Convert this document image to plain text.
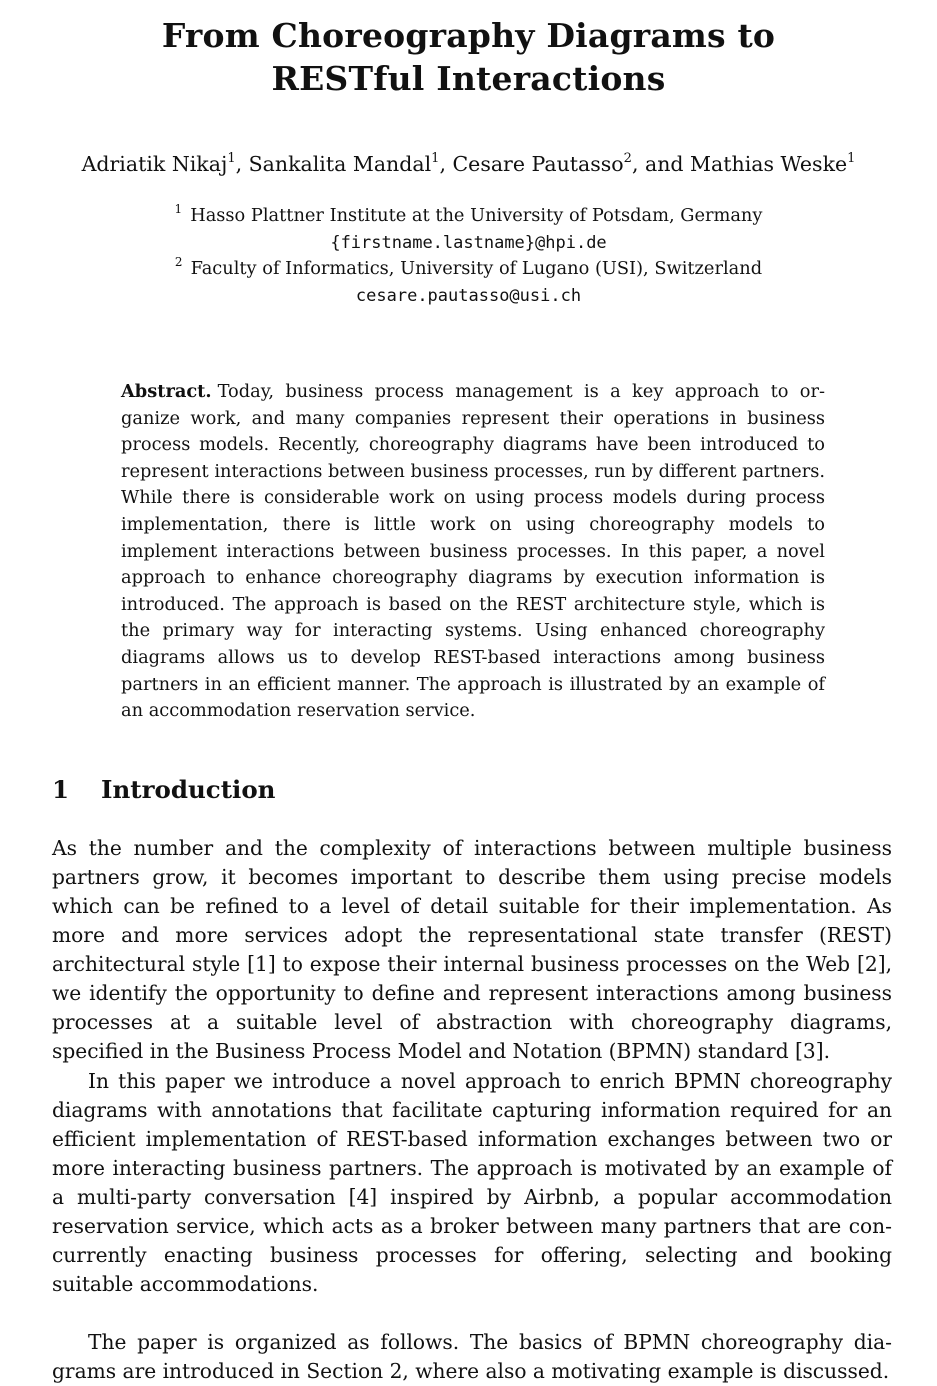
From Choreography Diagrams to
RESTful Interactions
Adriatik Nikaj$^1$, Sankalita Mandal$^1$, Cesare Pautasso$^2$, and Mathias Weske$^1$
$^1$ Hasso Plattner Institute at the University of Potsdam, Germany
{firstname.lastname}@hpi.de
$^2$ Faculty of Informatics, University of Lugano (USI), Switzerland
cesare.pautasso@usi.ch
Abstract. Today, business process management is a key approach to organize work, and many companies represent their operations in business process models. Recently, choreography diagrams have been introduced to represent interactions between business processes, run by different partners. While there is considerable work on using process models during process implementation, there is little work on using choreography models to implement interactions between business processes. In this paper, a novel approach to enhance choreography diagrams by execution information is introduced. The approach is based on the REST architecture style, which is the primary way for interacting systems. Using enhanced choreography diagrams allows us to develop REST-based interactions among business partners in an efficient manner. The approach is illustrated by an example of an accommodation reservation service.
1 Introduction

As the number and the complexity of interactions between multiple business partners grow, it becomes important to describe them using precise models which can be refined to a level of detail suitable for their implementation. As more and more services adopt the representational state transfer (REST) architectural style [1] to expose their internal business processes on the Web [2], we identify the opportunity to define and represent interactions among business processes at a suitable level of abstraction with choreography diagrams, specified in the Business Process Model and Notation (BPMN) standard [3].

In this paper we introduce a novel approach to enrich BPMN choreography diagrams with annotations that facilitate capturing information required for an efficient implementation of REST-based information exchanges between two or more interacting business partners. The approach is motivated by an example of a multi-party conversation [4] inspired by Airbnb, a popular accommodation reservation service, which acts as a broker between many partners that are concurrently enacting business processes for offering, selecting and booking suitable accommodations.

The paper is organized as follows. The basics of BPMN choreography diagrams are introduced in Section 2, where also a motivating example is discussed.
